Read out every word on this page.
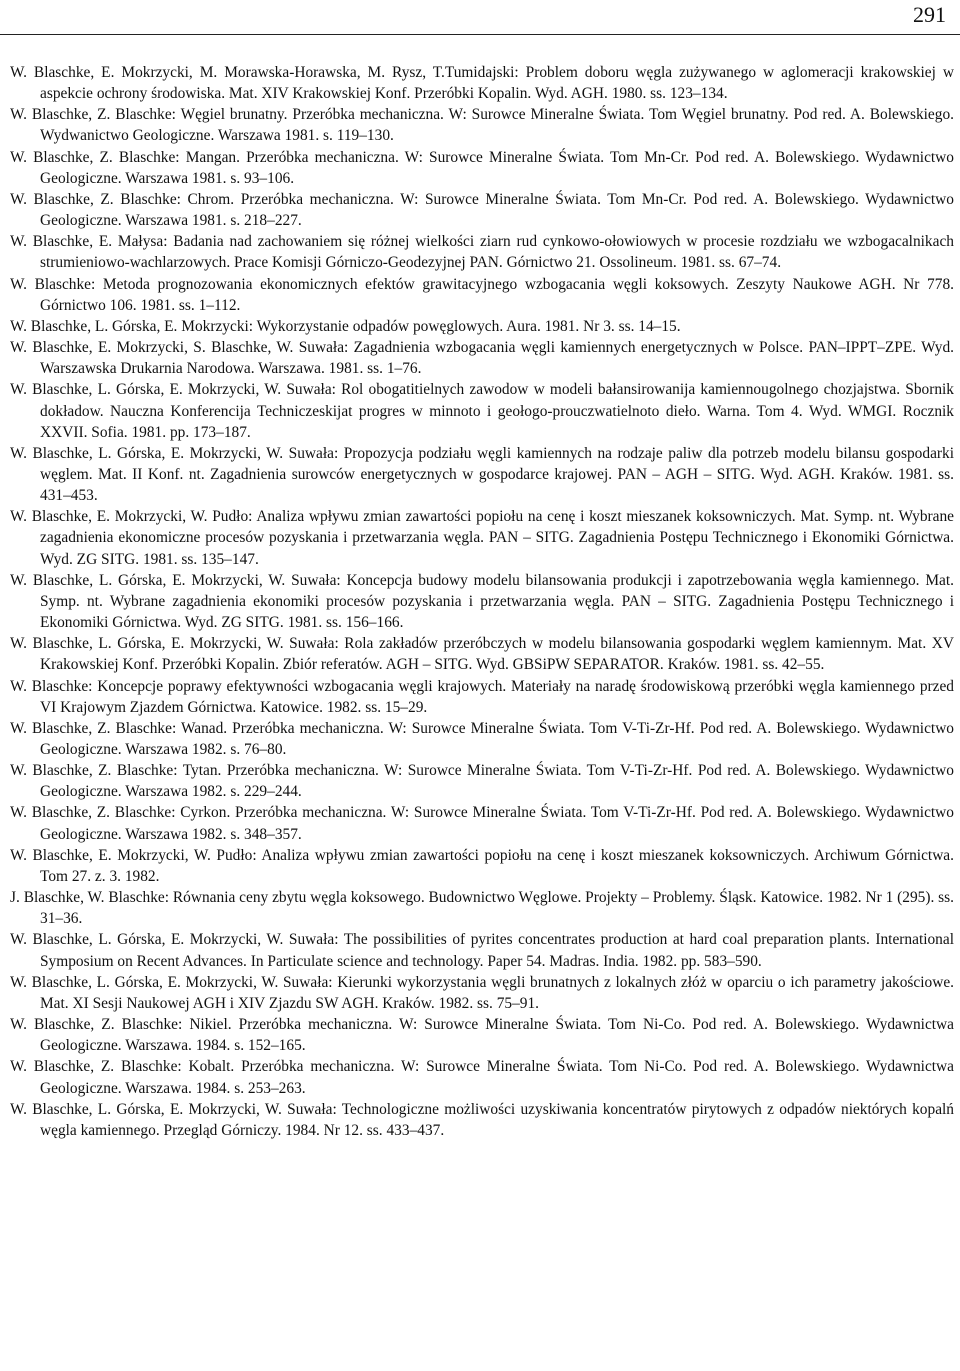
291
W. Blaschke, E. Mokrzycki, M. Morawska-Horawska, M. Rysz, T.Tumidajski: Problem doboru węgla zużywanego w aglomeracji krakowskiej w aspekcie ochrony środowiska. Mat. XIV Krakowskiej Konf. Przeróbki Kopalin. Wyd. AGH. 1980. ss. 123–134.
W. Blaschke, Z. Blaschke: Węgiel brunatny. Przeróbka mechaniczna. W: Surowce Mineralne Świata. Tom Węgiel brunatny. Pod red. A. Bolewskiego. Wydwanictwo Geologiczne. Warszawa 1981. s. 119–130.
W. Blaschke, Z. Blaschke: Mangan. Przeróbka mechaniczna. W: Surowce Mineralne Świata. Tom Mn-Cr. Pod red. A. Bolewskiego. Wydawnictwo Geologiczne. Warszawa 1981. s. 93–106.
W. Blaschke, Z. Blaschke: Chrom. Przeróbka mechaniczna. W: Surowce Mineralne Świata. Tom Mn-Cr. Pod red. A. Bolewskiego. Wydawnictwo Geologiczne. Warszawa 1981. s. 218–227.
W. Blaschke, E. Małysa: Badania nad zachowaniem się różnej wielkości ziarn rud cynkowo-ołowiowych w procesie rozdziału we wzbogacalnikach strumieniowo-wachlarzowych. Prace Komisji Górniczo-Geodezyjnej PAN. Górnictwo 21. Ossolineum. 1981. ss. 67–74.
W. Blaschke: Metoda prognozowania ekonomicznych efektów grawitacyjnego wzbogacania węgli koksowych. Zeszyty Naukowe AGH. Nr 778. Górnictwo 106. 1981. ss. 1–112.
W. Blaschke, L. Górska, E. Mokrzycki: Wykorzystanie odpadów powęglowych. Aura. 1981. Nr 3. ss. 14–15.
W. Blaschke, E. Mokrzycki, S. Blaschke, W. Suwała: Zagadnienia wzbogacania węgli kamiennych energetycznych w Polsce. PAN–IPPT–ZPE. Wyd. Warszawska Drukarnia Narodowa. Warszawa. 1981. ss. 1–76.
W. Blaschke, L. Górska, E. Mokrzycki, W. Suwała: Rol obogatitielnych zawodow w modeli bałansirowanija kamiennougolnego chozjajstwa. Sbornik dokładow. Nauczna Konferencija Techniczeskijat progres w minnoto i geołogo-prouczwatielnoto dieło. Warna. Tom 4. Wyd. WMGI. Rocznik XXVII. Sofia. 1981. pp. 173–187.
W. Blaschke, L. Górska, E. Mokrzycki, W. Suwała: Propozycja podziału węgli kamiennych na rodzaje paliw dla potrzeb modelu bilansu gospodarki węglem. Mat. II Konf. nt. Zagadnienia surowców energetycznych w gospodarce krajowej. PAN – AGH – SITG. Wyd. AGH. Kraków. 1981. ss. 431–453.
W. Blaschke, E. Mokrzycki, W. Pudło: Analiza wpływu zmian zawartości popiołu na cenę i koszt mieszanek koksowniczych. Mat. Symp. nt. Wybrane zagadnienia ekonomiczne procesów pozyskania i przetwarzania węgla. PAN – SITG. Zagadnienia Postępu Technicznego i Ekonomiki Górnictwa. Wyd. ZG SITG. 1981. ss. 135–147.
W. Blaschke, L. Górska, E. Mokrzycki, W. Suwała: Koncepcja budowy modelu bilansowania produkcji i zapotrzebowania węgla kamiennego. Mat. Symp. nt. Wybrane zagadnienia ekonomiki procesów pozyskania i przetwarzania węgla. PAN – SITG. Zagadnienia Postępu Technicznego i Ekonomiki Górnictwa. Wyd. ZG SITG. 1981. ss. 156–166.
W. Blaschke, L. Górska, E. Mokrzycki, W. Suwała: Rola zakładów przeróbczych w modelu bilansowania gospodarki węglem kamiennym. Mat. XV Krakowskiej Konf. Przeróbki Kopalin. Zbiór referatów. AGH – SITG. Wyd. GBSiPW SEPARATOR. Kraków. 1981. ss. 42–55.
W. Blaschke: Koncepcje poprawy efektywności wzbogacania węgli krajowych. Materiały na naradę środowiskową przeróbki węgla kamiennego przed VI Krajowym Zjazdem Górnictwa. Katowice. 1982. ss. 15–29.
W. Blaschke, Z. Blaschke: Wanad. Przeróbka mechaniczna. W: Surowce Mineralne Świata. Tom V-Ti-Zr-Hf. Pod red. A. Bolewskiego. Wydawnictwo Geologiczne. Warszawa 1982. s. 76–80.
W. Blaschke, Z. Blaschke: Tytan. Przeróbka mechaniczna. W: Surowce Mineralne Świata. Tom V-Ti-Zr-Hf. Pod red. A. Bolewskiego. Wydawnictwo Geologiczne. Warszawa 1982. s. 229–244.
W. Blaschke, Z. Blaschke: Cyrkon. Przeróbka mechaniczna. W: Surowce Mineralne Świata. Tom V-Ti-Zr-Hf. Pod red. A. Bolewskiego. Wydawnictwo Geologiczne. Warszawa 1982. s. 348–357.
W. Blaschke, E. Mokrzycki, W. Pudło: Analiza wpływu zmian zawartości popiołu na cenę i koszt mieszanek koksowniczych. Archiwum Górnictwa. Tom 27. z. 3. 1982.
J. Blaschke, W. Blaschke: Równania ceny zbytu węgla koksowego. Budownictwo Węglowe. Projekty – Problemy. Śląsk. Katowice. 1982. Nr 1 (295). ss. 31–36.
W. Blaschke, L. Górska, E. Mokrzycki, W. Suwała: The possibilities of pyrites concentrates production at hard coal preparation plants. International Symposium on Recent Advances. In Particulate science and technology. Paper 54. Madras. India. 1982. pp. 583–590.
W. Blaschke, L. Górska, E. Mokrzycki, W. Suwała: Kierunki wykorzystania węgli brunatnych z lokalnych złóż w oparciu o ich parametry jakościowe. Mat. XI Sesji Naukowej AGH i XIV Zjazdu SW AGH. Kraków. 1982. ss. 75–91.
W. Blaschke, Z. Blaschke: Nikiel. Przeróbka mechaniczna. W: Surowce Mineralne Świata. Tom Ni-Co. Pod red. A. Bolewskiego. Wydawnictwa Geologiczne. Warszawa. 1984. s. 152–165.
W. Blaschke, Z. Blaschke: Kobalt. Przeróbka mechaniczna. W: Surowce Mineralne Świata. Tom Ni-Co. Pod red. A. Bolewskiego. Wydawnictwa Geologiczne. Warszawa. 1984. s. 253–263.
W. Blaschke, L. Górska, E. Mokrzycki, W. Suwała: Technologiczne możliwości uzyskiwania koncentratów pirytowych z odpadów niektórych kopalń węgla kamiennego. Przegląd Górniczy. 1984. Nr 12. ss. 433–437.
